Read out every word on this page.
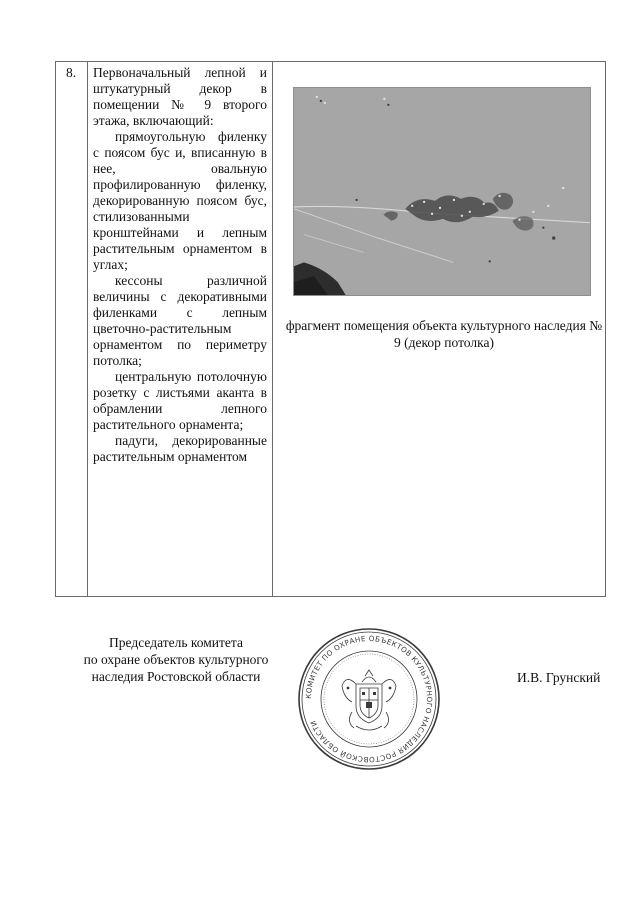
8.	Первоначальный лепной и штукатурный декор в помещении № 9 второго этажа, включающий:

прямоугольную филенку с поясом бус и, вписанную в нее, овальную профилированную филенку, декорированную поясом бус, стилизованными кронштейнами и лепным растительным орнаментом в углах;

кессоны различной величины с декоративными филенками с лепным цветочно-растительным орнаментом по периметру потолка;

центральную потолочную розетку с листьями аканта в обрамлении лепного растительного орнамента;

падуги, декорированные растительным орнаментом

фрагмент помещения объекта культурного наследия № 9 (декор потолка)
Председатель комитета
по охране объектов культурного
наследия Ростовской области
КОМИТЕТ ПО ОХРАНЕ ОБЪЕКТОВ КУЛЬТУРНОГО НАСЛЕДИЯ РОСТОВСКОЙ ОБЛАСТИ
И.В. Грунский
